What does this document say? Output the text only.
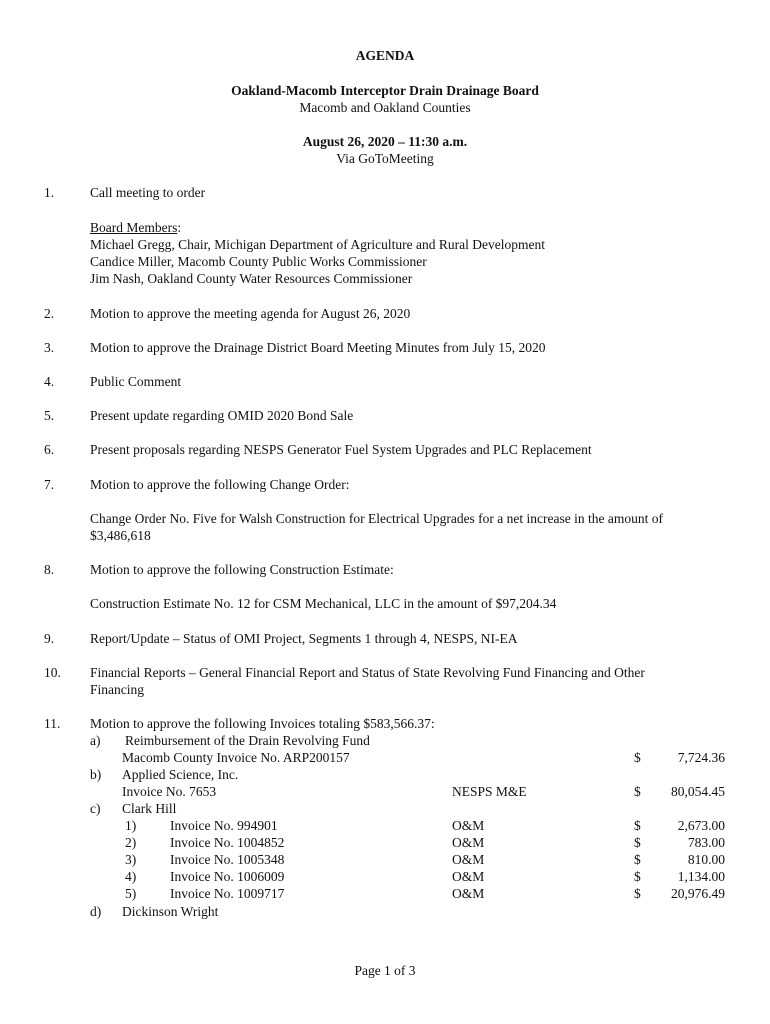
AGENDA
Oakland-Macomb Interceptor Drain Drainage Board
Macomb and Oakland Counties
August 26, 2020 – 11:30 a.m.
Via GoToMeeting
1.	Call meeting to order
Board Members:
Michael Gregg, Chair, Michigan Department of Agriculture and Rural Development
Candice Miller, Macomb County Public Works Commissioner
Jim Nash, Oakland County Water Resources Commissioner
2.	Motion to approve the meeting agenda for August 26, 2020
3.	Motion to approve the Drainage District Board Meeting Minutes from July 15, 2020
4.	Public Comment
5.	Present update regarding OMID 2020 Bond Sale
6.	Present proposals regarding NESPS Generator Fuel System Upgrades and PLC Replacement
7.	Motion to approve the following Change Order:
Change Order No. Five for Walsh Construction for Electrical Upgrades for a net increase in the amount of $3,486,618
8.	Motion to approve the following Construction Estimate:
Construction Estimate No. 12 for CSM Mechanical, LLC in the amount of $97,204.34
9.	Report/Update – Status of OMI Project, Segments 1 through 4, NESPS, NI-EA
10. Financial Reports – General Financial Report and Status of State Revolving Fund Financing and Other Financing
11. Motion to approve the following Invoices totaling $583,566.37:
a) Reimbursement of the Drain Revolving Fund
Macomb County Invoice No. ARP200157	$	7,724.36
b) Applied Science, Inc.
Invoice No. 7653	NESPS M&E	$	80,054.45
c) Clark Hill
1)	Invoice No. 994901	O&M	$	2,673.00
2)	Invoice No. 1004852	O&M	$	783.00
3)	Invoice No. 1005348	O&M	$	810.00
4)	Invoice No. 1006009	O&M	$	1,134.00
5)	Invoice No. 1009717	O&M	$	20,976.49
d) Dickinson Wright
Page 1 of 3
